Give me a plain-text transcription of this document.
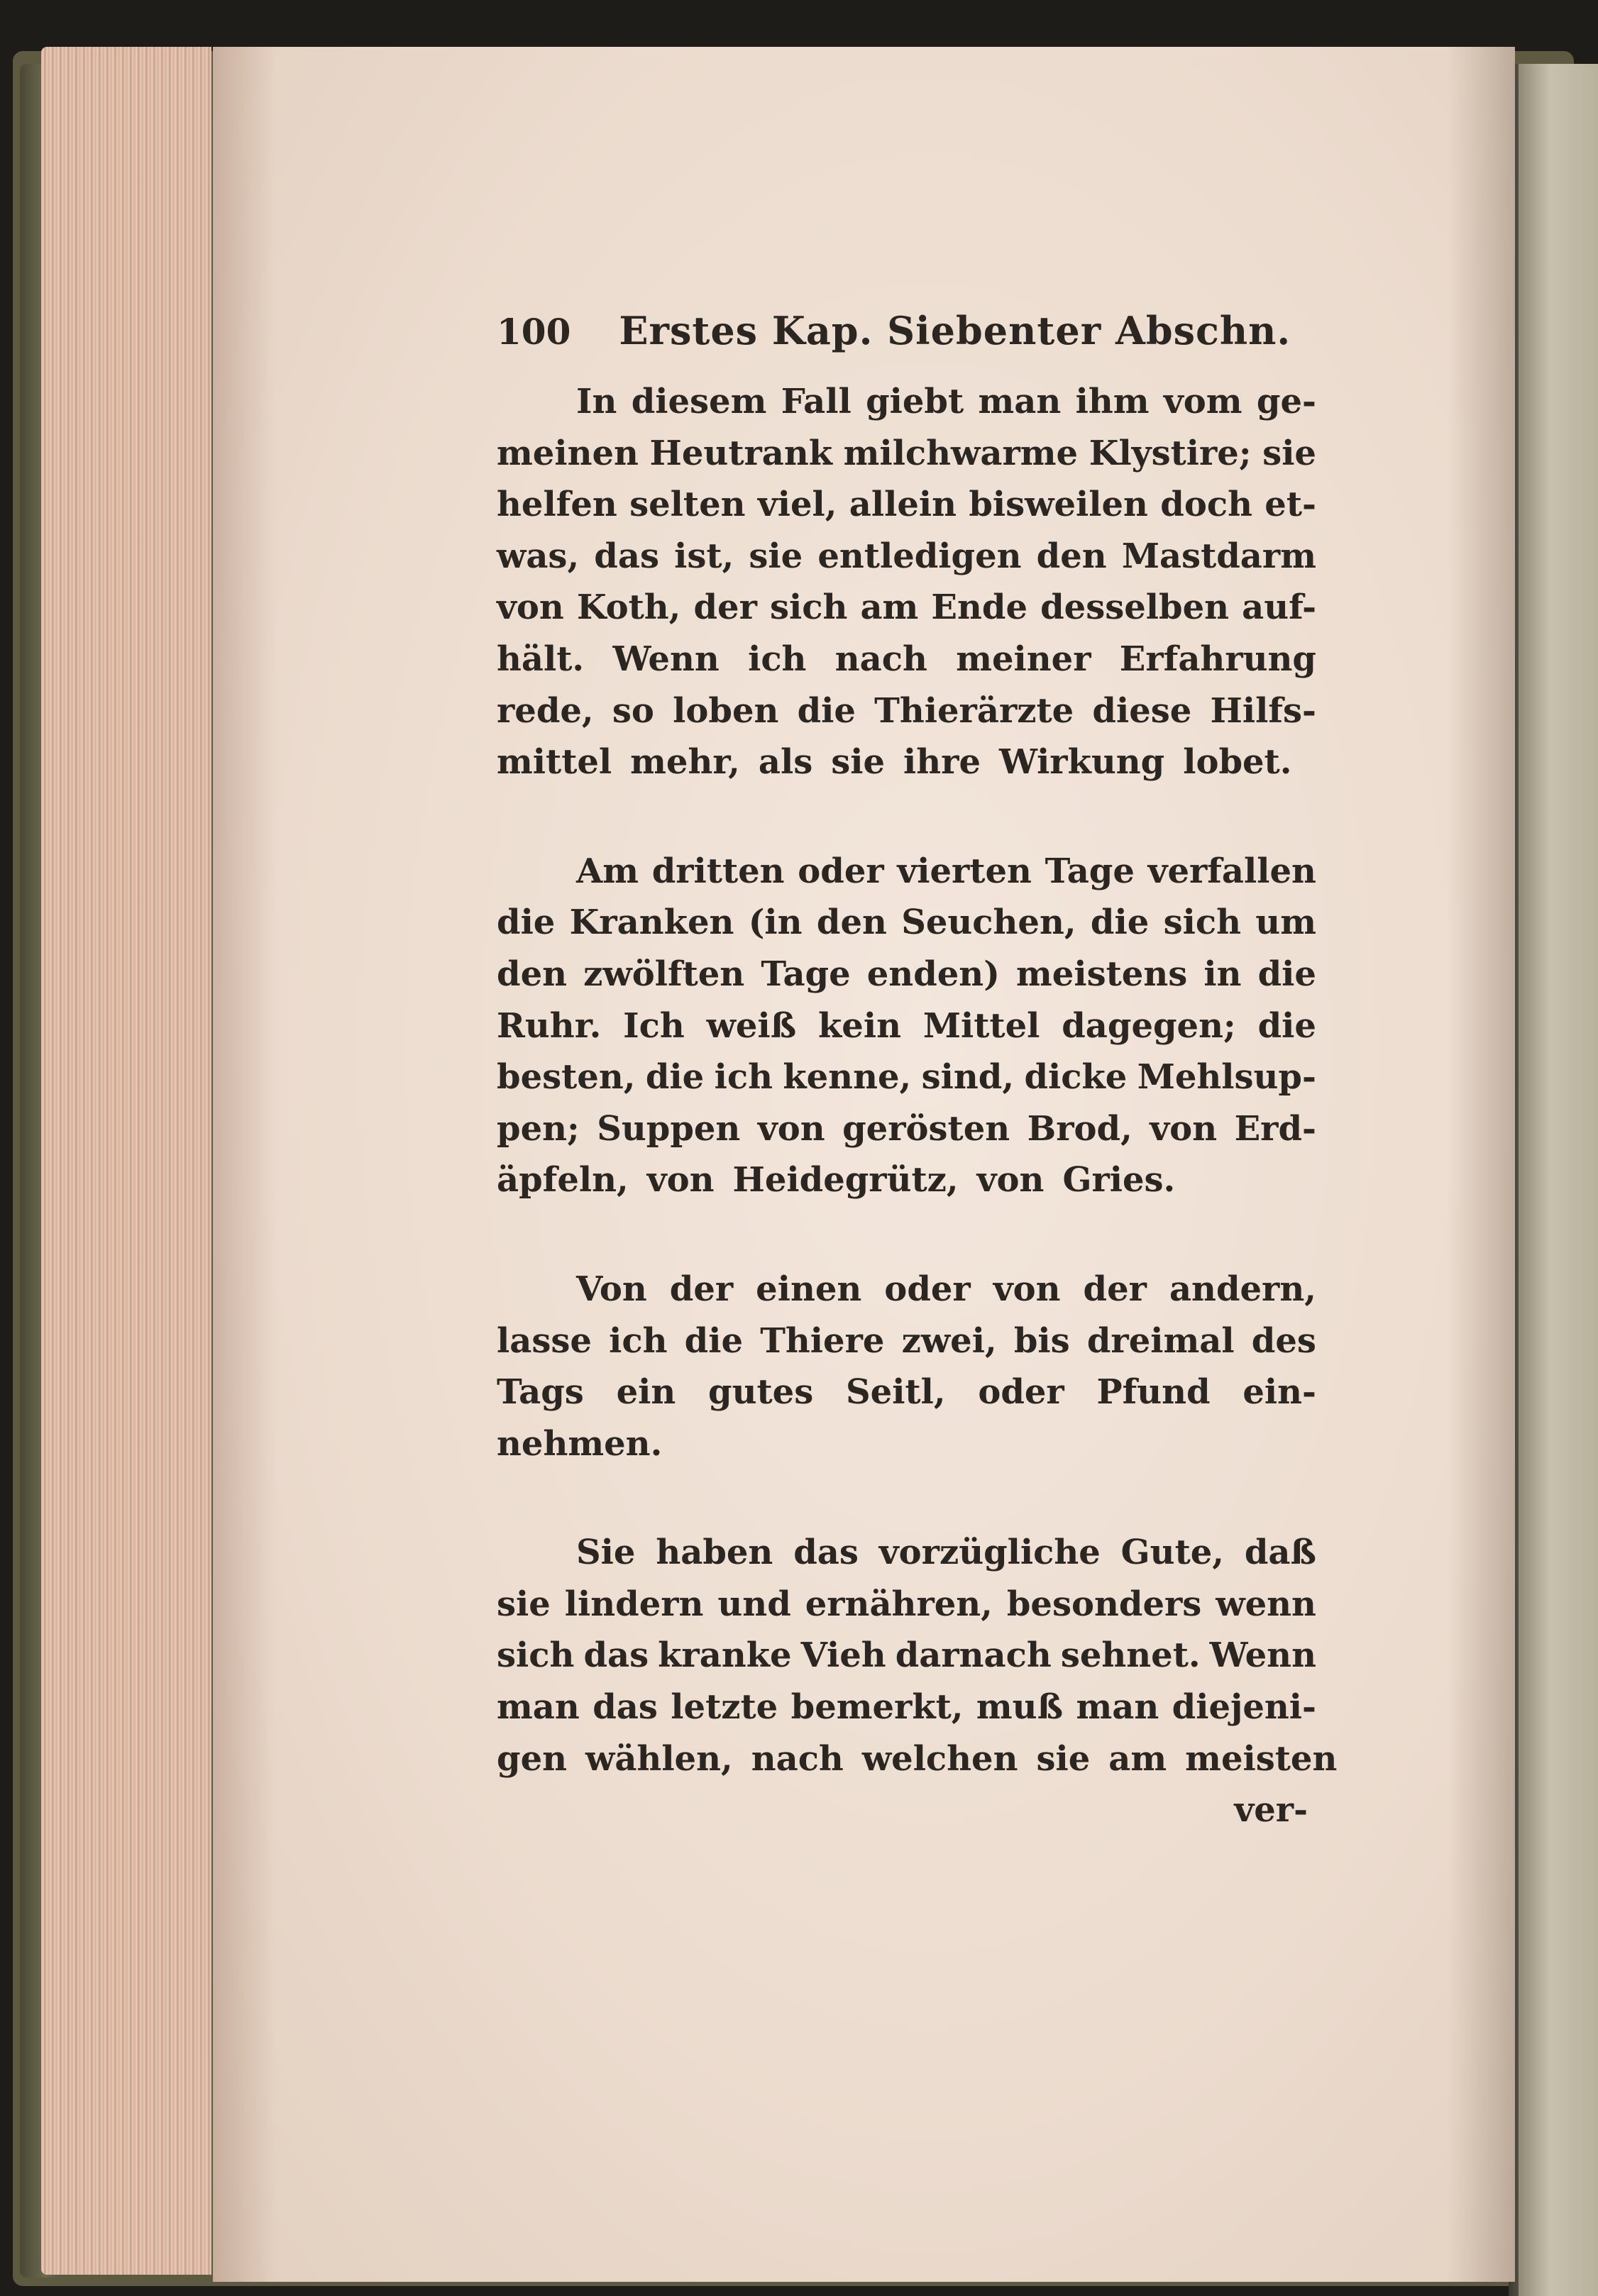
100 Erstes Kap. Siebenter Abschn.
In diesem Fall giebt man ihm vom ge-
meinen Heutrank milchwarme Klystire; sie
helfen selten viel, allein bisweilen doch et-
was, das ist, sie entledigen den Mastdarm
von Koth, der sich am Ende desselben auf-
hält. Wenn ich nach meiner Erfahrung
rede, so loben die Thierärzte diese Hilfs-
mittel mehr, als sie ihre Wirkung lobet.
Am dritten oder vierten Tage verfallen
die Kranken (in den Seuchen, die sich um
den zwölften Tage enden) meistens in die
Ruhr. Ich weiß kein Mittel dagegen; die
besten, die ich kenne, sind, dicke Mehlsup-
pen; Suppen von gerösten Brod, von Erd-
äpfeln, von Heidegrütz, von Gries.
Von der einen oder von der andern,
lasse ich die Thiere zwei, bis dreimal des
Tags ein gutes Seitl, oder Pfund ein-
nehmen.
Sie haben das vorzügliche Gute, daß
sie lindern und ernähren, besonders wenn
sich das kranke Vieh darnach sehnet. Wenn
man das letzte bemerkt, muß man diejeni-
gen wählen, nach welchen sie am meisten
ver-
